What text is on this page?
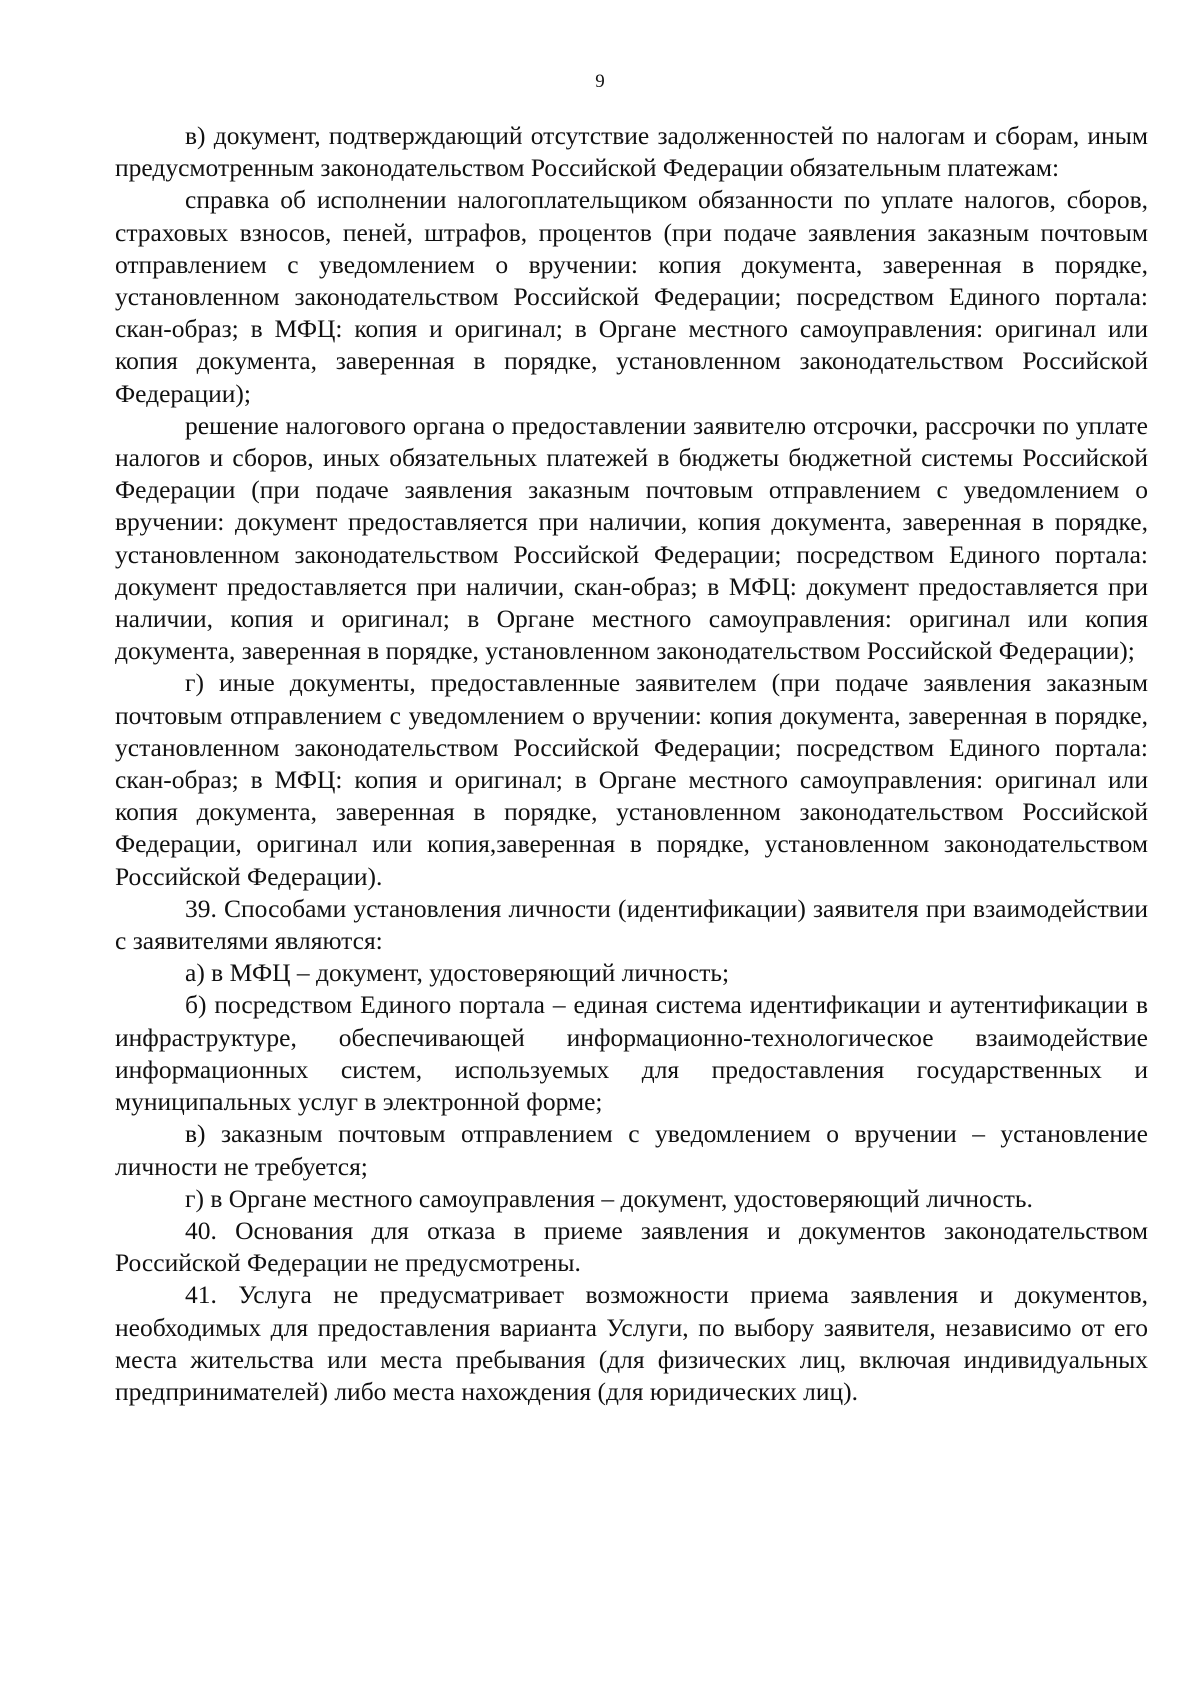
9

в) документ, подтверждающий отсутствие задолженностей по налогам и сборам, иным предусмотренным законодательством Российской Федерации обязательным платежам:

справка об исполнении налогоплательщиком обязанности по уплате налогов, сборов, страховых взносов, пеней, штрафов, процентов (при подаче заявления заказным почтовым отправлением с уведомлением о вручении: копия документа, заверенная в порядке, установленном законодательством Российской Федерации; посредством Единого портала: скан-образ; в МФЦ: копия и оригинал; в Органе местного самоуправления: оригинал или копия документа, заверенная в порядке, установленном законодательством Российской Федерации);

решение налогового органа о предоставлении заявителю отсрочки, рассрочки по уплате налогов и сборов, иных обязательных платежей в бюджеты бюджетной системы Российской Федерации (при подаче заявления заказным почтовым отправлением с уведомлением о вручении: документ предоставляется при наличии, копия документа, заверенная в порядке, установленном законодательством Российской Федерации; посредством Единого портала: документ предоставляется при наличии, скан-образ; в МФЦ: документ предоставляется при наличии, копия и оригинал; в Органе местного самоуправления: оригинал или копия документа, заверенная в порядке, установленном законодательством Российской Федерации);

г) иные документы, предоставленные заявителем (при подаче заявления заказным почтовым отправлением с уведомлением о вручении: копия документа, заверенная в порядке, установленном законодательством Российской Федерации; посредством Единого портала: скан-образ; в МФЦ: копия и оригинал; в Органе местного самоуправления: оригинал или копия документа, заверенная в порядке, установленном законодательством Российской Федерации, оригинал или копия,заверенная в порядке, установленном законодательством Российской Федерации).

39. Способами установления личности (идентификации) заявителя при взаимодействии с заявителями являются:

а) в МФЦ – документ, удостоверяющий личность;

б) посредством Единого портала – единая система идентификации и аутентификации в инфраструктуре, обеспечивающей информационно-технологическое взаимодействие информационных систем, используемых для предоставления государственных и муниципальных услуг в электронной форме;

в) заказным почтовым отправлением с уведомлением о вручении – установление личности не требуется;

г) в Органе местного самоуправления – документ, удостоверяющий личность.

40. Основания для отказа в приеме заявления и документов законодательством Российской Федерации не предусмотрены.

41. Услуга не предусматривает возможности приема заявления и документов, необходимых для предоставления варианта Услуги, по выбору заявителя, независимо от его места жительства или места пребывания (для физических лиц, включая индивидуальных предпринимателей) либо места нахождения (для юридических лиц).
